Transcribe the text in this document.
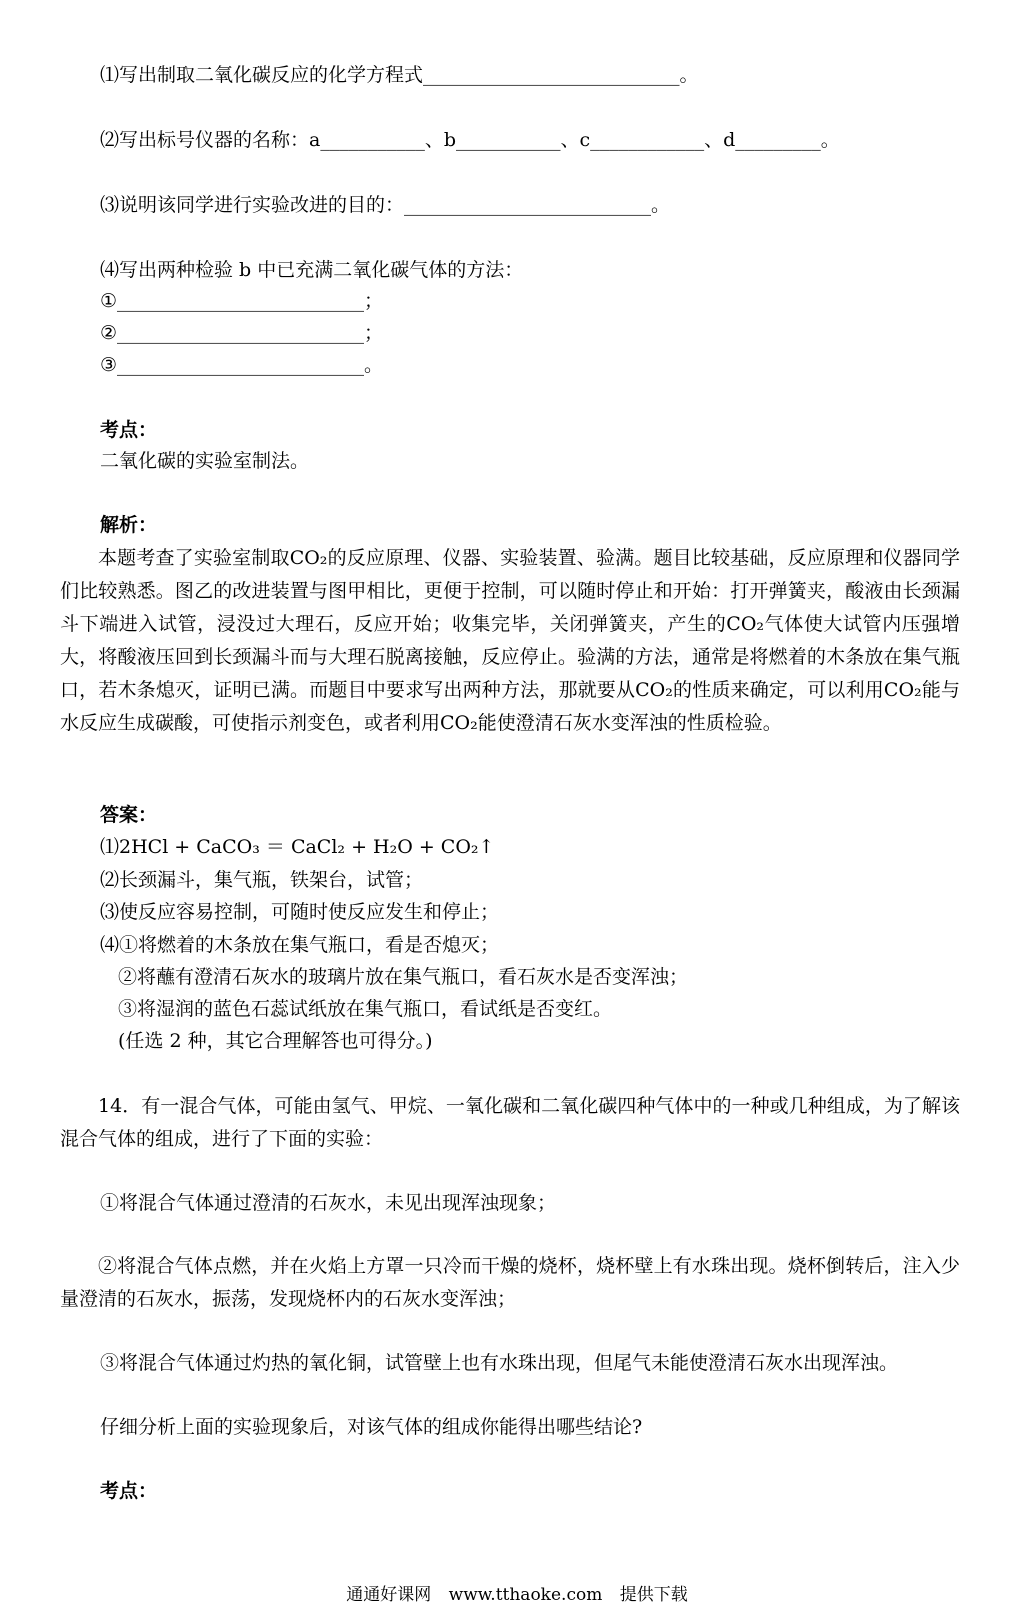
⑴写出制取二氧化碳反应的化学方程式___________________________。
⑵写出标号仪器的名称：a___________、b___________、c____________、d_________。
⑶说明该同学进行实验改进的目的：__________________________。
⑷写出两种检验 b 中已充满二氧化碳气体的方法：
①__________________________；
②__________________________；
③__________________________。
考点：
二氧化碳的实验室制法。
解析：
本题考查了实验室制取CO₂的反应原理、仪器、实验装置、验满。题目比较基础，反应原理和仪器同学们比较熟悉。图乙的改进装置与图甲相比，更便于控制，可以随时停止和开始：打开弹簧夹，酸液由长颈漏斗下端进入试管，浸没过大理石，反应开始；收集完毕，关闭弹簧夹，产生的CO₂气体使大试管内压强增大，将酸液压回到长颈漏斗而与大理石脱离接触，反应停止。验满的方法，通常是将燃着的木条放在集气瓶口，若木条熄灭，证明已满。而题目中要求写出两种方法，那就要从CO₂的性质来确定，可以利用CO₂能与水反应生成碳酸，可使指示剂变色，或者利用CO₂能使澄清石灰水变浑浊的性质检验。
答案：
⑴2HCl + CaCO₃ ＝ CaCl₂ + H₂O + CO₂↑
⑵长颈漏斗，集气瓶，铁架台，试管；
⑶使反应容易控制，可随时使反应发生和停止；
⑷①将燃着的木条放在集气瓶口，看是否熄灭；
②将蘸有澄清石灰水的玻璃片放在集气瓶口，看石灰水是否变浑浊；
③将湿润的蓝色石蕊试纸放在集气瓶口，看试纸是否变红。
(任选 2 种，其它合理解答也可得分。)
14．有一混合气体，可能由氢气、甲烷、一氧化碳和二氧化碳四种气体中的一种或几种组成，为了解该混合气体的组成，进行了下面的实验：
①将混合气体通过澄清的石灰水，未见出现浑浊现象；
②将混合气体点燃，并在火焰上方罩一只冷而干燥的烧杯，烧杯壁上有水珠出现。烧杯倒转后，注入少量澄清的石灰水，振荡，发现烧杯内的石灰水变浑浊；
③将混合气体通过灼热的氧化铜，试管壁上也有水珠出现，但尾气未能使澄清石灰水出现浑浊。
仔细分析上面的实验现象后，对该气体的组成你能得出哪些结论?
考点：
通通好课网 www.tthaoke.com 提供下载
